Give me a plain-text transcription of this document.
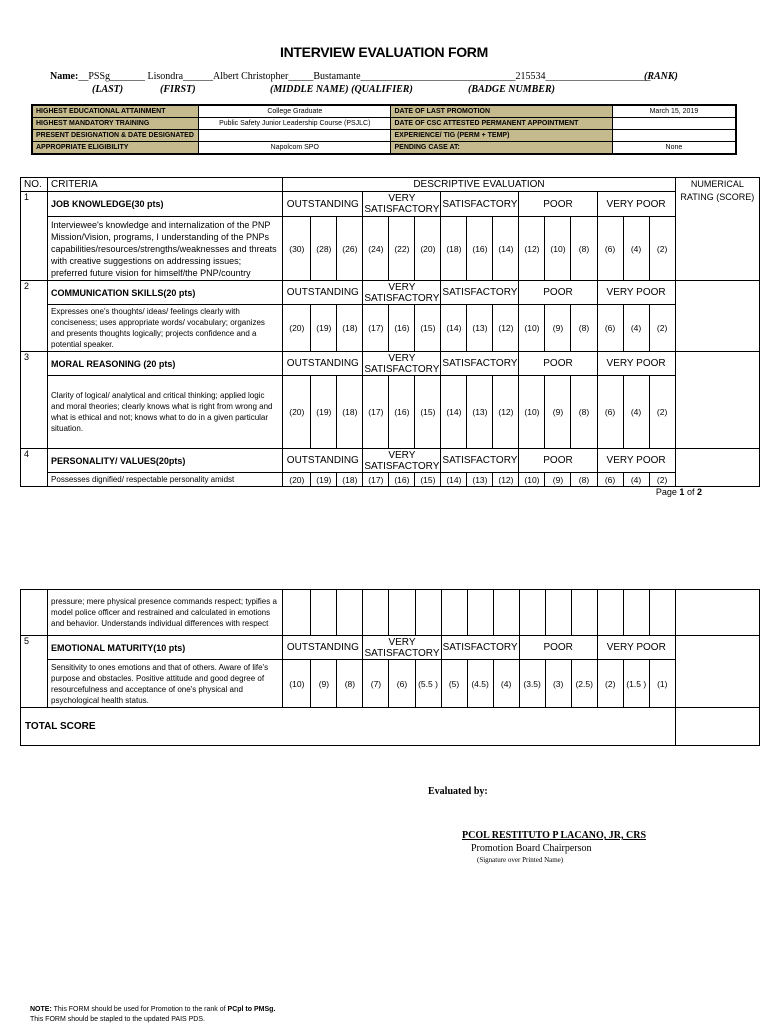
INTERVIEW EVALUATION FORM
Name:__PSSg_______ Lisondra______Albert Christopher_____Bustamante_______________________________215534_____________________
(RANK)
(LAST)	(FIRST)	(MIDDLE NAME) (QUALIFIER)	(BADGE NUMBER)
HIGHEST EDUCATIONAL ATTAINMENT	College Graduate	DATE OF LAST PROMOTION	March 15, 2019
HIGHEST MANDATORY TRAINING	Public Safety Junior Leadership Course (PSJLC)	DATE OF CSC ATTESTED PERMANENT APPOINTMENT	
PRESENT DESIGNATION & DATE DESIGNATED		EXPERIENCE/ TIG (PERM + TEMP)	
APPROPRIATE ELIGIBILITY	Napolcom SPO	PENDING CASE AT:	None
NO.	CRITERIA	DESCRIPTIVE EVALUATION															NUMERICAL RATING (SCORE)
1	JOB KNOWLEDGE(30 pts)	OUTSTANDING			VERY SATISFACTORY			SATISFACTORY			POOR			VERY POOR			
	Interviewee's knowledge and internalization of the PNP Mission/Vision, programs, I understanding of the PNPs capabilities/resources/strengths/weaknesses and threats with creative suggestions on addressing issues; preferred future vision for himself/the PNP/country	(30)	(28)	(26)	(24)	(22)	(20)	(18)	(16)	(14)	(12)	(10)	(8)	(6)	(4)	(2)	
2	COMMUNICATION SKILLS(20 pts)	OUTSTANDING			VERY SATISFACTORY			SATISFACTORY			POOR			VERY POOR			
	Expresses one's thoughts/ ideas/ feelings clearly with conciseness; uses appropriate words/ vocabulary; organizes and presents thoughts logically; projects confidence and a potential speaker.	(20)	(19)	(18)	(17)	(16)	(15)	(14)	(13)	(12)	(10)	(9)	(8)	(6)	(4)	(2)	
3	MORAL REASONING (20 pts)	OUTSTANDING			VERY SATISFACTORY			SATISFACTORY			POOR			VERY POOR			
	Clarity of logical/ analytical and critical thinking; applied logic and moral theories; clearly knows what is right from wrong and what is ethical and not; knows what to do in a given particular situation.	(20)	(19)	(18)	(17)	(16)	(15)	(14)	(13)	(12)	(10)	(9)	(8)	(6)	(4)	(2)	
4	PERSONALITY/ VALUES(20pts)	OUTSTANDING			VERY SATISFACTORY			SATISFACTORY			POOR			VERY POOR			
	Possesses dignified/ respectable personality amidst	(20)	(19)	(18)	(17)	(16)	(15)	(14)	(13)	(12)	(10)	(9)	(8)	(6)	(4)	(2)	
Page 1 of 2
	pressure; mere physical presence commands respect; typifies a model police officer and restrained and calculated in emotions and behavior. Understands individual differences with respect																
5	EMOTIONAL MATURITY(10 pts)	OUTSTANDING			VERY SATISFACTORY			SATISFACTORY			POOR			VERY POOR			
	Sensitivity to ones emotions and that of others. Aware of life's purpose and obstacles. Positive attitude and good degree of resourcefulness and acceptance of one's physical and psychological health status.	(10)	(9)	(8)	(7)	(6)	(5.5 )	(5)	(4.5)	(4)	(3.5)	(3)	(2.5)	(2)	(1.5 )	(1)	
TOTAL SCORE																	
Evaluated by:
PCOL RESTITUTO P LACANO, JR, CRS
Promotion Board Chairperson
(Signature over Printed Name)
NOTE: This FORM should be used for Promotion to the rank of PCpl to PMSg.
This FORM should be stapled to the updated PAIS PDS.
